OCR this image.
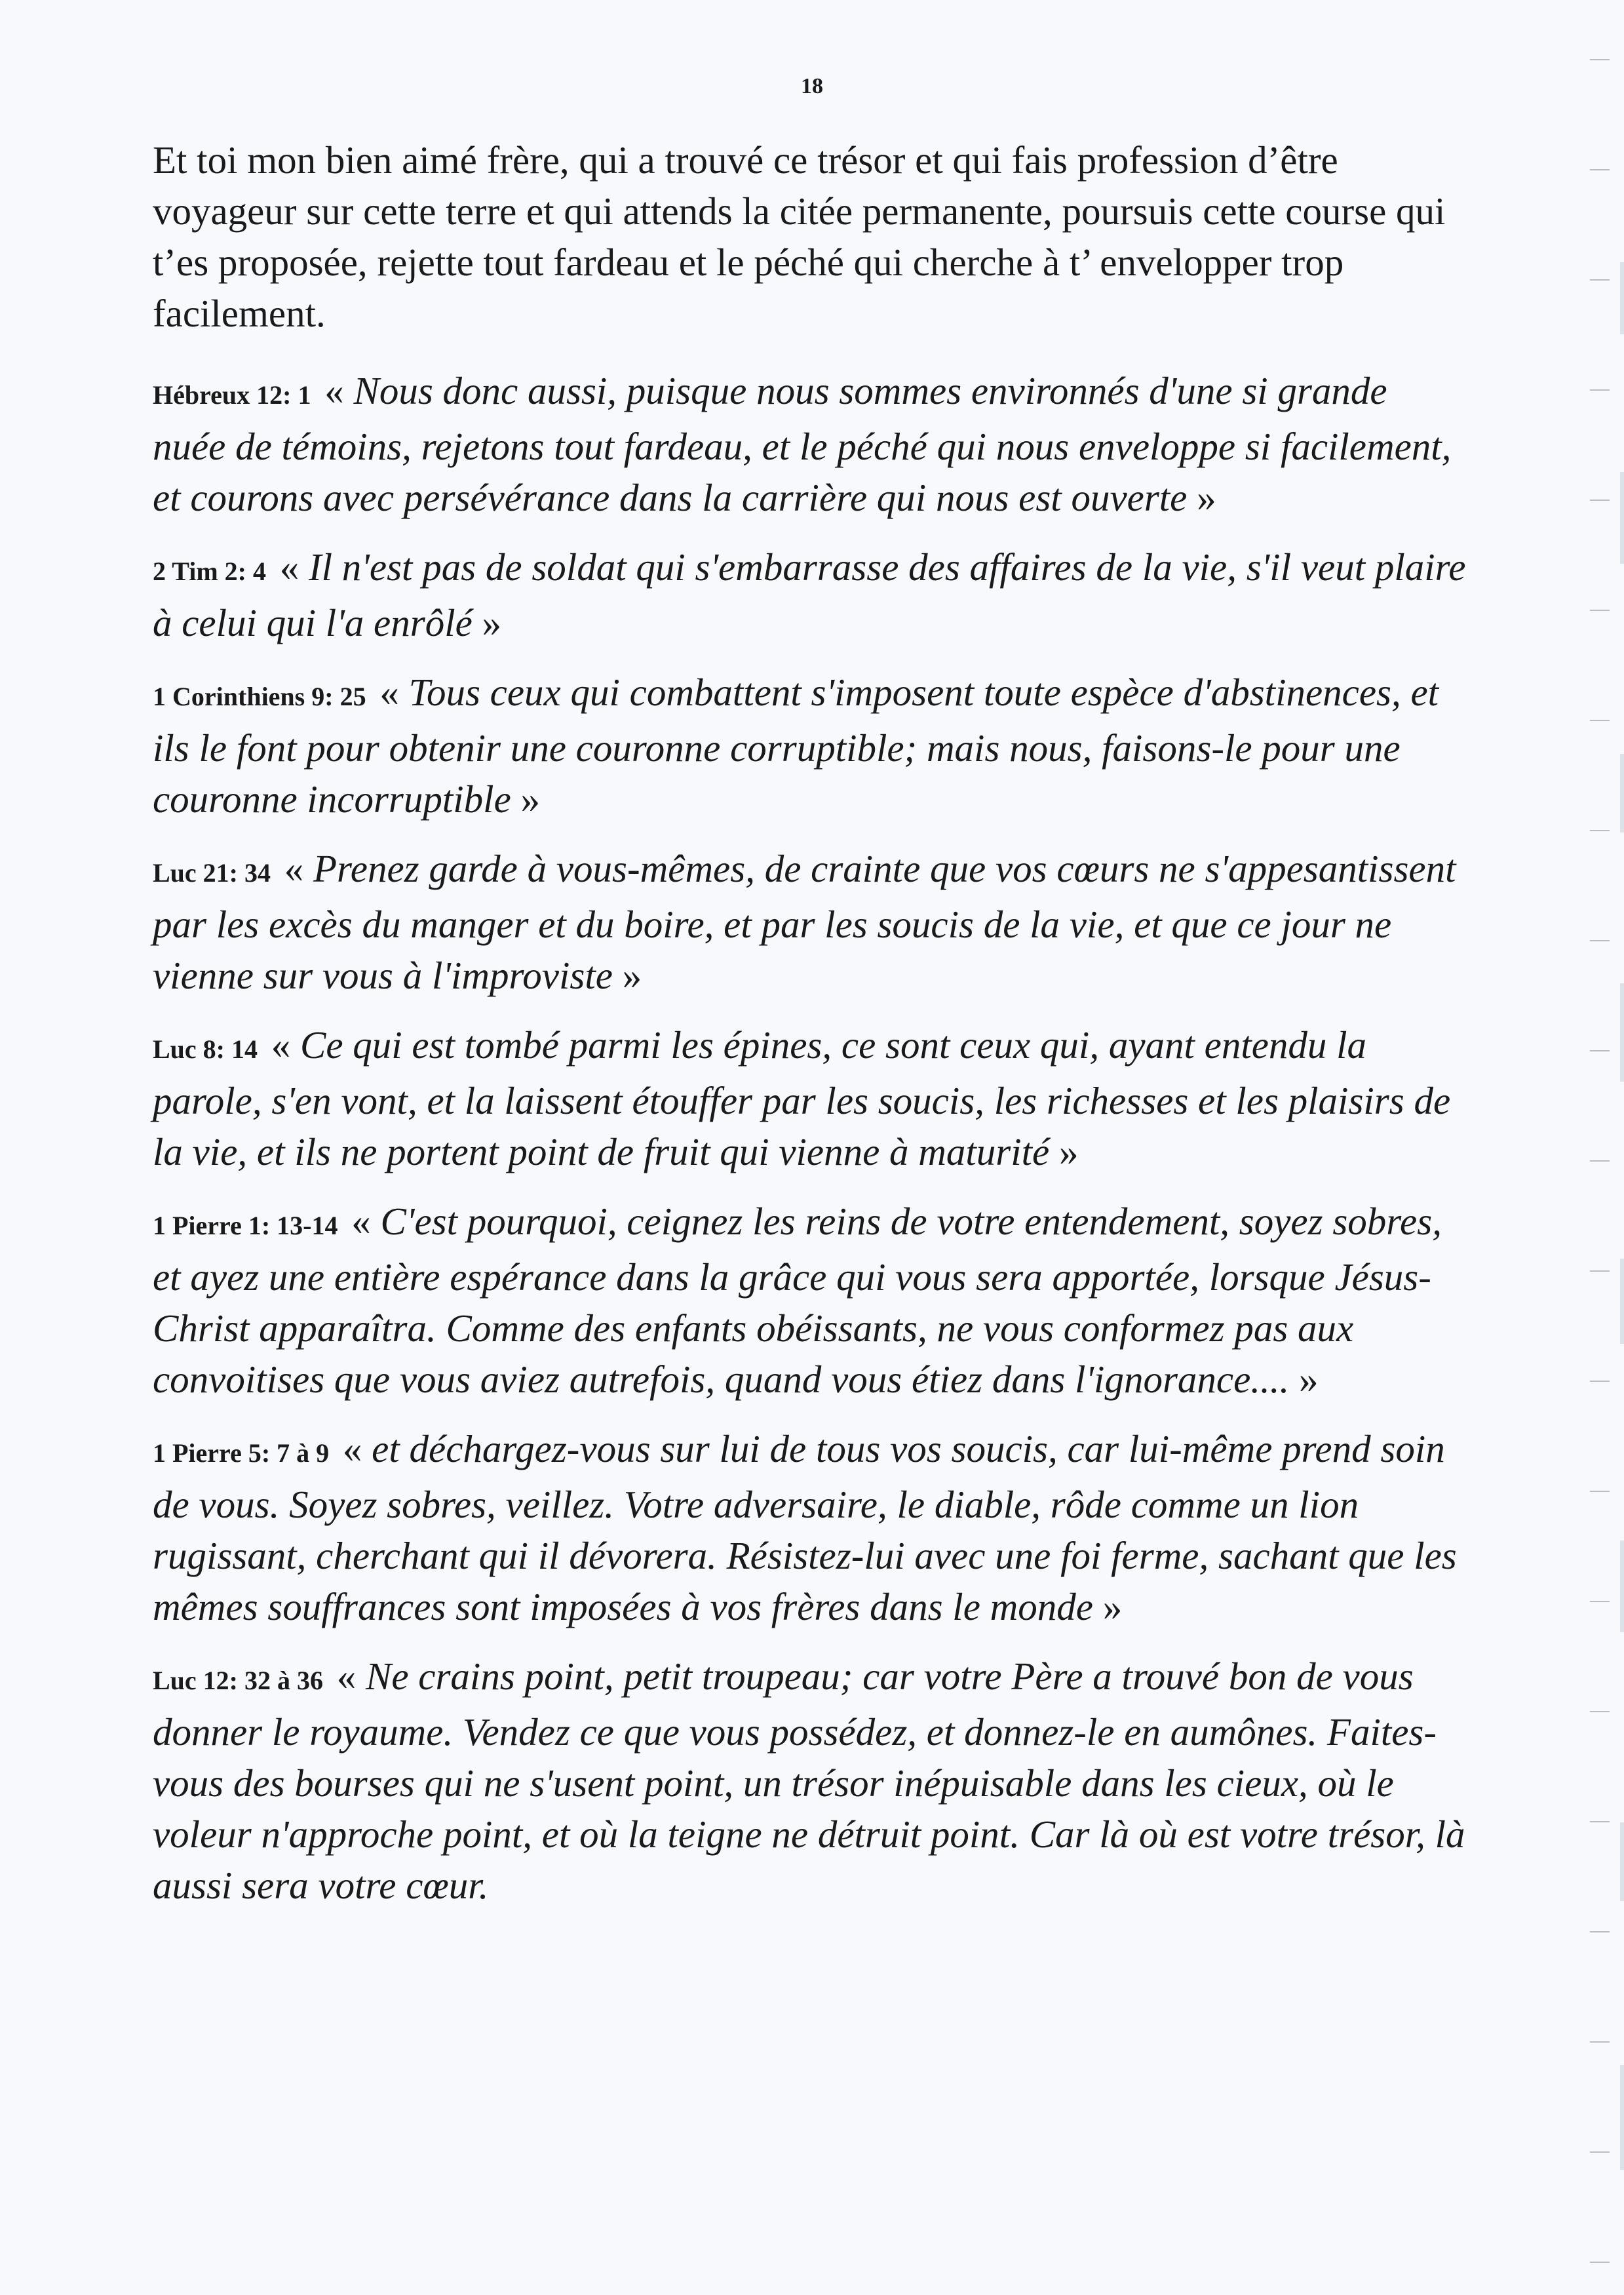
18

Et toi mon bien aimé frère, qui a trouvé ce trésor et qui fais profession d’être voyageur sur cette terre et qui attends la citée permanente, poursuis cette course qui t’es proposée, rejette tout fardeau et le péché qui cherche à t’ envelopper trop facilement.

Hébreux 12: 1 « Nous donc aussi, puisque nous sommes environnés d'une si grande nuée de témoins, rejetons tout fardeau, et le péché qui nous enveloppe si facilement, et courons avec persévérance dans la carrière qui nous est ouverte »

2 Tim 2: 4 « Il n'est pas de soldat qui s'embarrasse des affaires de la vie, s'il veut plaire à celui qui l'a enrôlé »

1 Corinthiens 9: 25 « Tous ceux qui combattent s'imposent toute espèce d'abstinences, et ils le font pour obtenir une couronne corruptible; mais nous, faisons-le pour une couronne incorruptible »

Luc 21: 34 « Prenez garde à vous-mêmes, de crainte que vos cœurs ne s'appesantissent par les excès du manger et du boire, et par les soucis de la vie, et que ce jour ne vienne sur vous à l'improviste »

Luc 8: 14 « Ce qui est tombé parmi les épines, ce sont ceux qui, ayant entendu la parole, s'en vont, et la laissent étouffer par les soucis, les richesses et les plaisirs de la vie, et ils ne portent point de fruit qui vienne à maturité »

1 Pierre 1: 13-14 « C'est pourquoi, ceignez les reins de votre entendement, soyez sobres, et ayez une entière espérance dans la grâce qui vous sera apportée, lorsque Jésus-Christ apparaîtra. Comme des enfants obéissants, ne vous conformez pas aux convoitises que vous aviez autrefois, quand vous étiez dans l'ignorance.... »

1 Pierre 5: 7 à 9 « et déchargez-vous sur lui de tous vos soucis, car lui-même prend soin de vous. Soyez sobres, veillez. Votre adversaire, le diable, rôde comme un lion rugissant, cherchant qui il dévorera. Résistez-lui avec une foi ferme, sachant que les mêmes souffrances sont imposées à vos frères dans le monde »

Luc 12: 32 à 36 « Ne crains point, petit troupeau; car votre Père a trouvé bon de vous donner le royaume. Vendez ce que vous possédez, et donnez-le en aumônes. Faites-vous des bourses qui ne s'usent point, un trésor inépuisable dans les cieux, où le voleur n'approche point, et où la teigne ne détruit point. Car là où est votre trésor, là aussi sera votre cœur.
